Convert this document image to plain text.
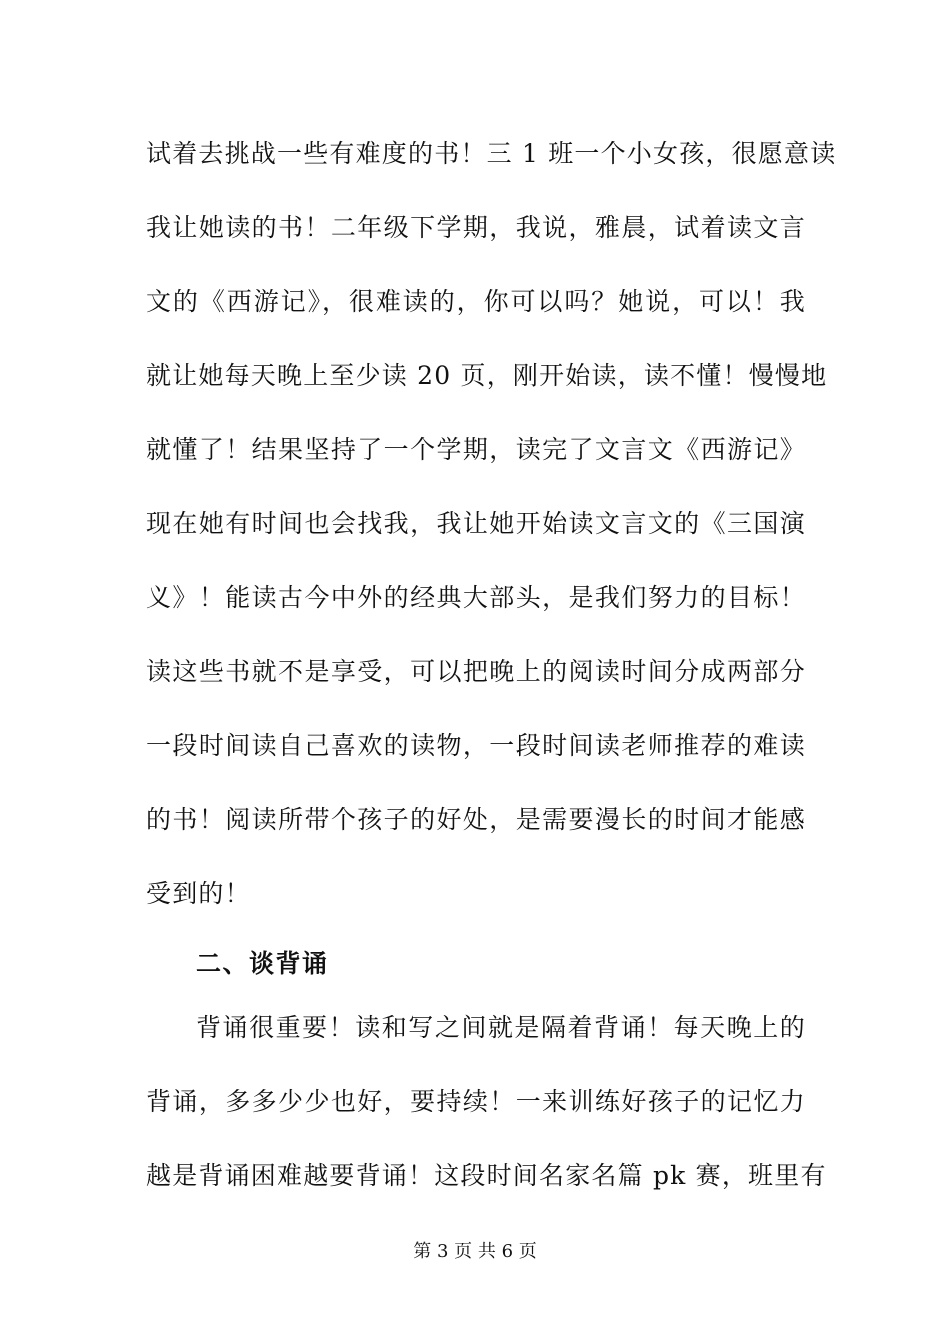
试着去挑战一些有难度的书！三 1 班一个小女孩，很愿意读
我让她读的书！二年级下学期，我说，雅晨，试着读文言
文的《西游记》，很难读的，你可以吗？她说，可以！我
就让她每天晚上至少读 20 页，刚开始读，读不懂！慢慢地
就懂了！结果坚持了一个学期，读完了文言文《西游记》
现在她有时间也会找我，我让她开始读文言文的《三国演
义》！能读古今中外的经典大部头，是我们努力的目标！
读这些书就不是享受，可以把晚上的阅读时间分成两部分
一段时间读自己喜欢的读物，一段时间读老师推荐的难读
的书！阅读所带个孩子的好处，是需要漫长的时间才能感
受到的！
二、谈背诵
背诵很重要！读和写之间就是隔着背诵！每天晚上的
背诵，多多少少也好，要持续！一来训练好孩子的记忆力
越是背诵困难越要背诵！这段时间名家名篇 pk 赛，班里有
第 3 页 共 6 页
